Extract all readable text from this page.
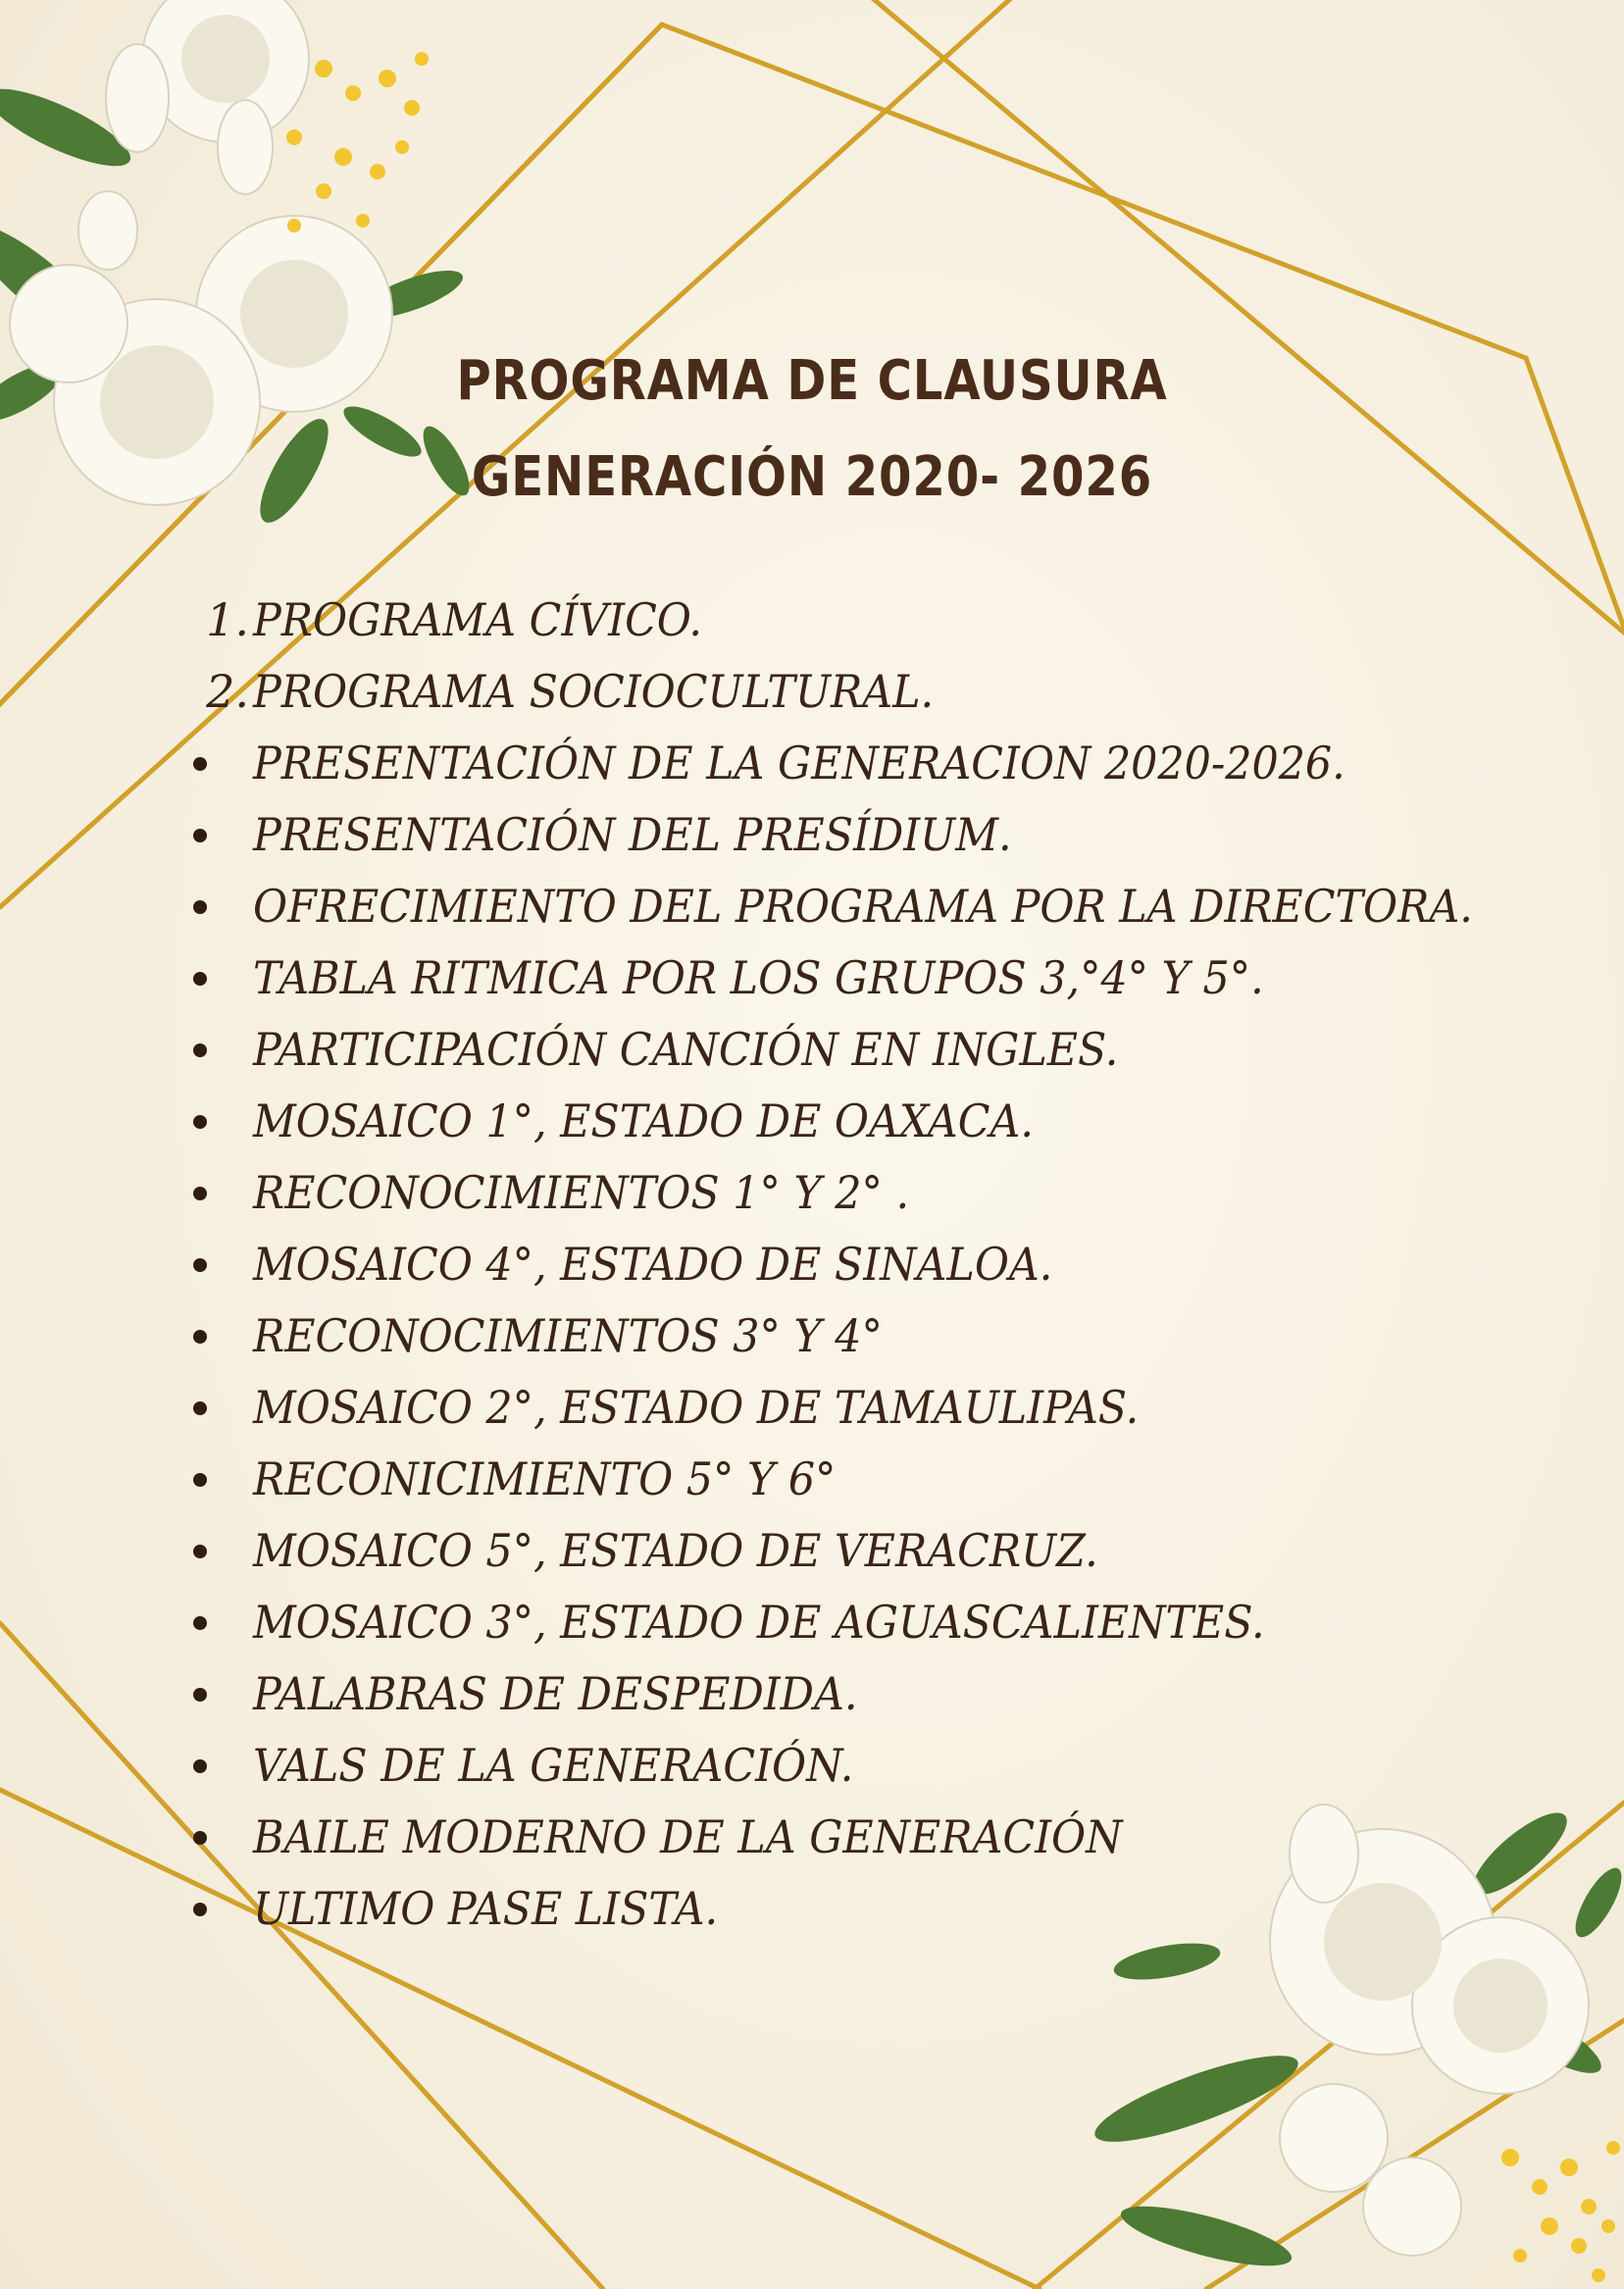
PROGRAMA DE CLAUSURA
GENERACIÓN 2020- 2026
1. PROGRAMA CÍVICO.
2. PROGRAMA SOCIOCULTURAL.
PRESENTACIÓN DE LA GENERACION 2020-2026.
PRESENTACIÓN DEL PRESÍDIUM.
OFRECIMIENTO DEL PROGRAMA POR LA DIRECTORA.
TABLA RITMICA POR LOS GRUPOS 3,°4° Y 5°.
PARTICIPACIÓN CANCIÓN EN INGLES.
MOSAICO 1°, ESTADO DE OAXACA.
RECONOCIMIENTOS 1° Y 2° .
MOSAICO 4°, ESTADO DE SINALOA.
RECONOCIMIENTOS 3° Y 4°
MOSAICO 2°, ESTADO DE TAMAULIPAS.
RECONICIMIENTO 5° Y 6°
MOSAICO 5°, ESTADO DE VERACRUZ.
MOSAICO 3°, ESTADO DE AGUASCALIENTES.
PALABRAS DE DESPEDIDA.
VALS DE LA GENERACIÓN.
BAILE MODERNO DE LA GENERACIÓN
ULTIMO PASE LISTA.
